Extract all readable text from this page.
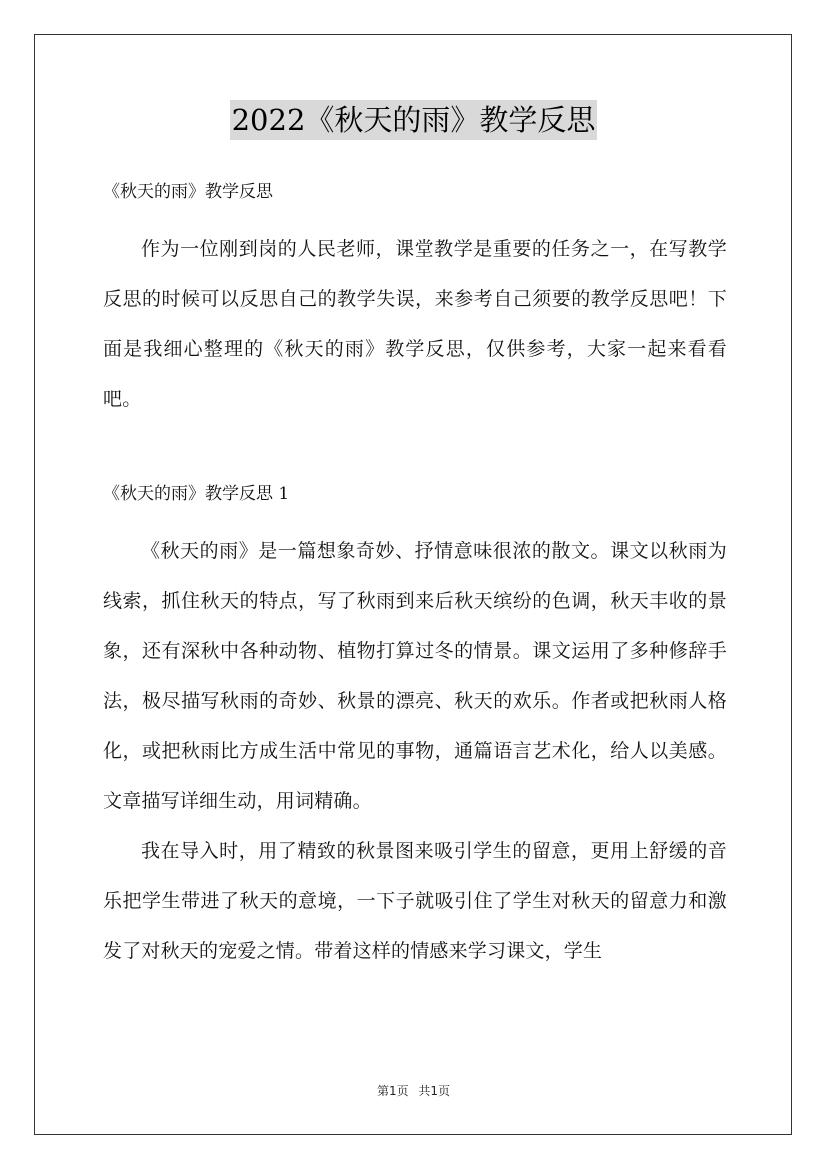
2022《秋天的雨》教学反思

《秋天的雨》教学反思

作为一位刚到岗的人民老师，课堂教学是重要的任务之一，在写教学反思的时候可以反思自己的教学失误，来参考自己须要的教学反思吧！下面是我细心整理的《秋天的雨》教学反思，仅供参考，大家一起来看看吧。

《秋天的雨》教学反思 1

《秋天的雨》是一篇想象奇妙、抒情意味很浓的散文。课文以秋雨为线索，抓住秋天的特点，写了秋雨到来后秋天缤纷的色调，秋天丰收的景象，还有深秋中各种动物、植物打算过冬的情景。课文运用了多种修辞手法，极尽描写秋雨的奇妙、秋景的漂亮、秋天的欢乐。作者或把秋雨人格化，或把秋雨比方成生活中常见的事物，通篇语言艺术化，给人以美感。文章描写详细生动，用词精确。

我在导入时，用了精致的秋景图来吸引学生的留意，更用上舒缓的音乐把学生带进了秋天的意境，一下子就吸引住了学生对秋天的留意力和激发了对秋天的宠爱之情。带着这样的情感来学习课文，学生

第1页 共1页
